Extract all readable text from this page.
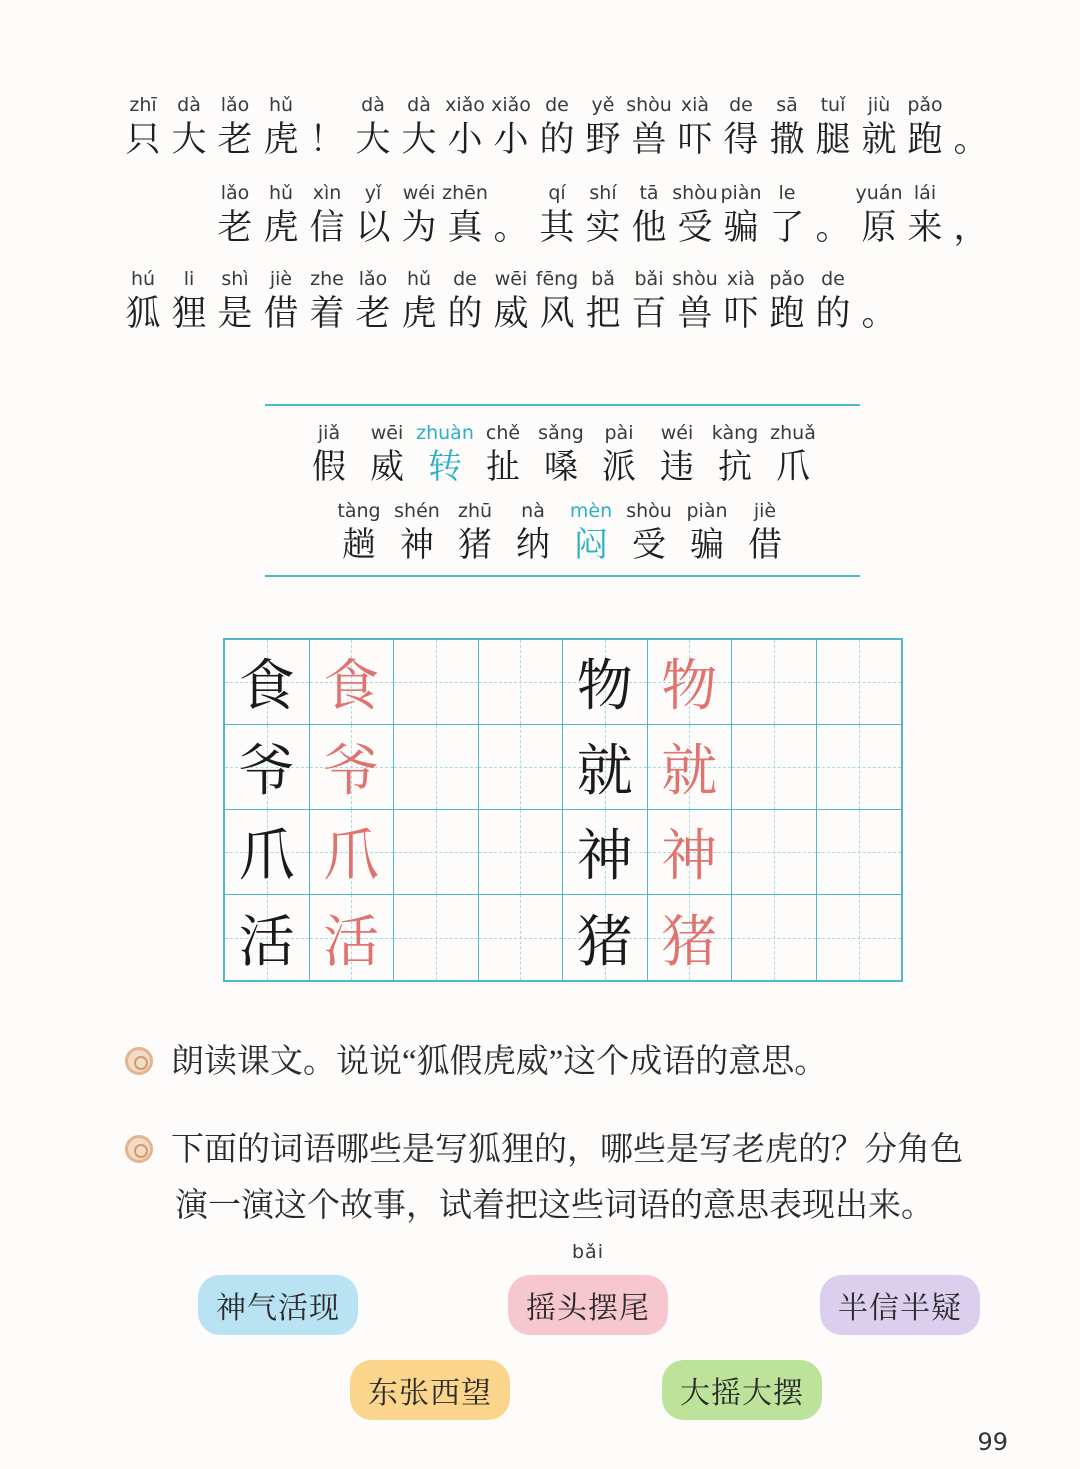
zhī
只
dà
大
lǎo
老
hǔ
虎 ！
dà
大
dà
大
xiǎo
小
xiǎo
小
de
的
yě
野
shòu
兽
xià
吓
de
得
sā
撒
tuǐ
腿
jiù
就
pǎo
跑 。
lǎo
老
hǔ
虎
xìn
信
yǐ
以
wéi
为
zhēn
真 。
qí
其
shí
实
tā
他
shòu
受
piàn
骗
le
了 。
yuán
原
lái
来 ，
hú
狐
li
狸
shì
是
jiè
借
zhe
着
lǎo
老
hǔ
虎
de
的
wēi
威
fēng
风
bǎ
把
bǎi
百
shòu
兽
xià
吓
pǎo
跑
de
的 。
jiǎ
假
wēi
威
zhuàn
转
chě
扯
sǎng
嗓
pài
派
wéi
违
kàng
抗
zhuǎ
爪
tàng
趟
shén
神
zhū
猪
nà
纳
mèn
闷
shòu
受
piàn
骗
jiè
借
食 食	物 物
爷 爷	就 就
爪 爪	神 神
活 活	猪 猪
朗读课文。说说“狐假虎威”这个成语的意思。
下面的词语哪些是写狐狸的，哪些是写老虎的？分角色
演一演这个故事，试着把这些词语的意思表现出来。
神气活现
bǎi
摇头摆尾	半信半疑
东张西望	大摇大摆
99
